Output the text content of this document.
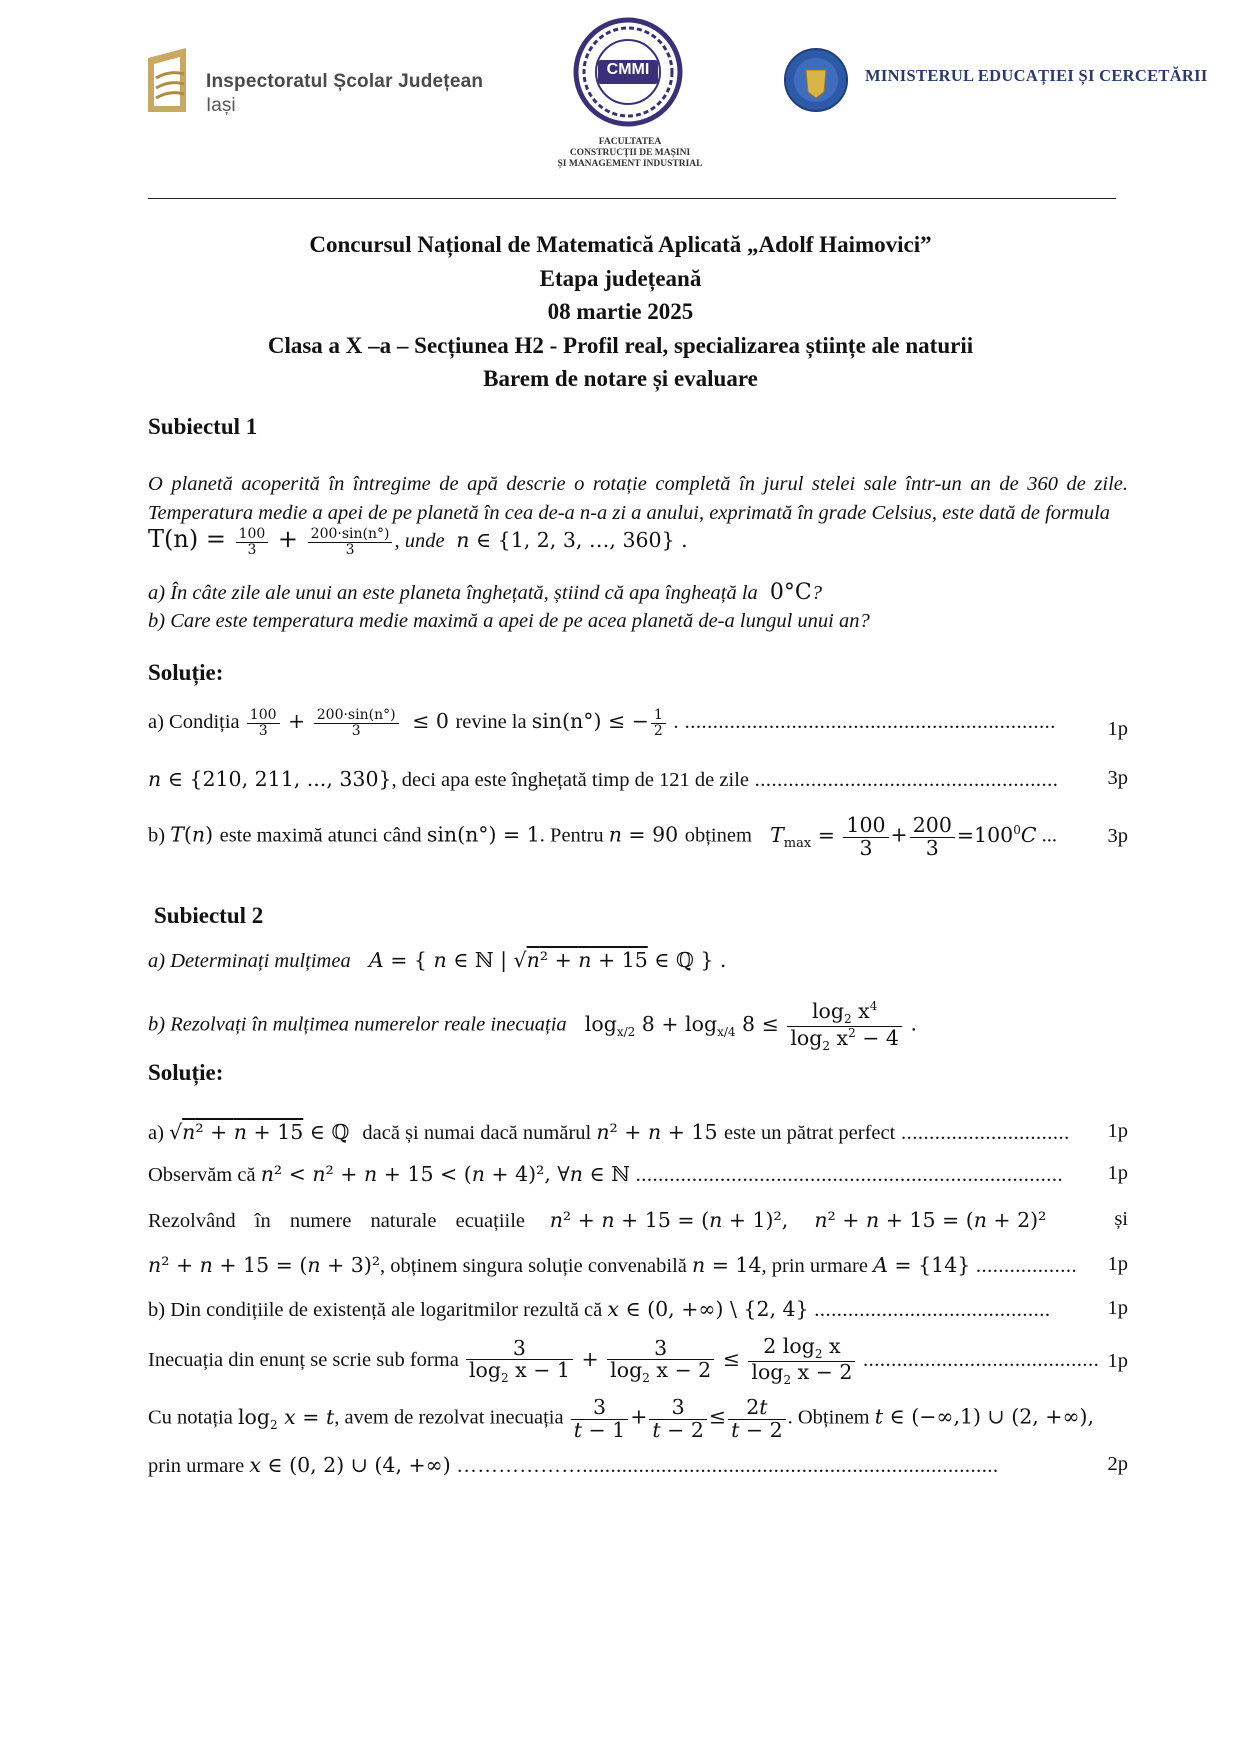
CMMI
Inspectoratul Școlar Județean
Iași
MINISTERUL EDUCAȚIEI ȘI CERCETĂRII
FACULTATEA
CONSTRUCȚII DE MAȘINI
ȘI MANAGEMENT INDUSTRIAL
Concursul Național de Matematică Aplicată „Adolf Haimovici”
Etapa județeană
08 martie 2025
Clasa a X –a – Secțiunea H2 - Profil real, specializarea științe ale naturii
Barem de notare și evaluare
Subiectul 1
O planetă acoperită în întregime de apă descrie o rotație completă în jurul stelei sale într-un an de 360 de zile. Temperatura medie a apei de pe planetă în cea de-a n-a zi a anului, exprimată în grade Celsius, este dată de formula
$T(n) = \frac{100}{3} + \frac{200\cdot\sin(n^\circ)}{3}$ , unde  n ∈ {1, 2, 3, …, 360} .
a) În câte zile ale unui an este planeta înghețată, știind că apa îngheață la  0°C?
b) Care este temperatura medie maximă a apei de pe acea planetă de-a lungul unui an?
Soluție:
a) Condiția $\frac{100}{3} + \frac{200\cdot\sin(n^\circ)}{3} \le 0$ revine la sin(n°) ≤ − $\frac{1}{2}$ . ..................................................................	1p
n ∈ {210, 211, ..., 330}, deci apa este înghețată timp de 121 de zile ...................................................... 3p
b) T(n) este maximă atunci când sin(n°) = 1. Pentru n = 90 obținem $T_{max} = \frac{100}{3} + \frac{200}{3} =100^0C$ ... 3p
Subiectul 2
a) Determinați mulțimea A = { n ∈ ℕ | √n² + n + 15 ∈ ℚ } .
b) Rezolvați în mulțimea numerelor reale inecuația   $\log_{x/2} 8 + \log_{x/4} 8 \le \frac{\log_2 x^4}{\log_2 x^2 - 4}$ .
Soluție:
a) √n² + n + 15 ∈ ℚ  dacă și numai dacă numărul n² + n + 15 este un pătrat perfect .............................. 1p
Observăm că n² < n² + n + 15 < (n + 4)², ∀n ∈ ℕ ............................................................................ 1p
Rezolvând în numere naturale ecuațiile n² + n + 15 = (n + 1)²,    n² + n + 15 = (n + 2)²	și
n² + n + 15 = (n + 3)², obținem singura soluție convenabilă n = 14, prin urmare A = {14} .................. 1p
b) Din condițiile de existență ale logaritmilor rezultă că x ∈ (0, +∞) \ {2, 4} ..........................................	1p
Inecuația din enunț se scrie sub forma $\frac{3}{\log_2 x - 1} + \frac{3}{\log_2 x - 2} \le \frac{2 \log_2 x}{\log_2 x - 2}$ .......................................... 1p
Cu notația $\log_2 x = t$, avem de rezolvat inecuația $\frac{3}{t - 1} + \frac{3}{t - 2} \le \frac{2t}{t - 2}$ . Obținem t ∈ (−∞,1) ∪ (2, +∞),
prin urmare x ∈ (0, 2) ∪ (4, +∞) ………………..........................................................................	2p
